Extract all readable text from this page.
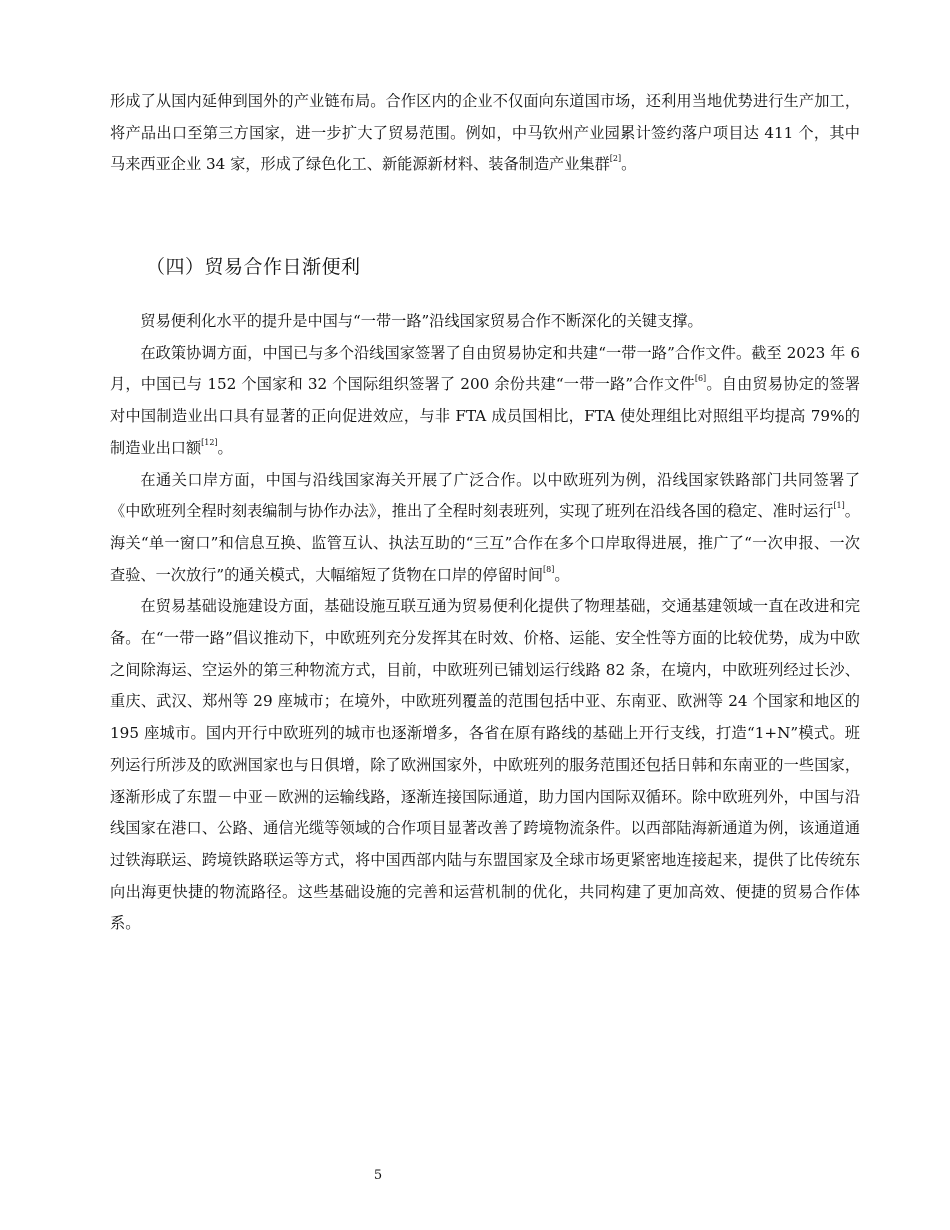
形成了从国内延伸到国外的产业链布局。合作区内的企业不仅面向东道国市场，还利用当地优势进行生产加工，将产品出口至第三方国家，进一步扩大了贸易范围。例如，中马钦州产业园累计签约落户项目达 411 个，其中马来西亚企业 34 家，形成了绿色化工、新能源新材料、装备制造产业集群[2]。

（四）贸易合作日渐便利

贸易便利化水平的提升是中国与“一带一路”沿线国家贸易合作不断深化的关键支撑。

在政策协调方面，中国已与多个沿线国家签署了自由贸易协定和共建“一带一路”合作文件。截至 2023 年 6 月，中国已与 152 个国家和 32 个国际组织签署了 200 余份共建“一带一路”合作文件[6]。自由贸易协定的签署对中国制造业出口具有显著的正向促进效应，与非 FTA 成员国相比，FTA 使处理组比对照组平均提高 79%的制造业出口额[12]。

在通关口岸方面，中国与沿线国家海关开展了广泛合作。以中欧班列为例，沿线国家铁路部门共同签署了《中欧班列全程时刻表编制与协作办法》，推出了全程时刻表班列，实现了班列在沿线各国的稳定、准时运行[1]。海关“单一窗口”和信息互换、监管互认、执法互助的“三互”合作在多个口岸取得进展，推广了“一次申报、一次查验、一次放行”的通关模式，大幅缩短了货物在口岸的停留时间[8]。

在贸易基础设施建设方面，基础设施互联互通为贸易便利化提供了物理基础，交通基建领域一直在改进和完备。在“一带一路”倡议推动下，中欧班列充分发挥其在时效、价格、运能、安全性等方面的比较优势，成为中欧之间除海运、空运外的第三种物流方式，目前，中欧班列已铺划运行线路 82 条，在境内，中欧班列经过长沙、重庆、武汉、郑州等 29 座城市；在境外，中欧班列覆盖的范围包括中亚、东南亚、欧洲等 24 个国家和地区的 195 座城市。国内开行中欧班列的城市也逐渐增多，各省在原有路线的基础上开行支线，打造“1+N”模式。班列运行所涉及的欧洲国家也与日俱增，除了欧洲国家外，中欧班列的服务范围还包括日韩和东南亚的一些国家，逐渐形成了东盟－中亚－欧洲的运输线路，逐渐连接国际通道，助力国内国际双循环。除中欧班列外，中国与沿线国家在港口、公路、通信光缆等领域的合作项目显著改善了跨境物流条件。以西部陆海新通道为例，该通道通过铁海联运、跨境铁路联运等方式，将中国西部内陆与东盟国家及全球市场更紧密地连接起来，提供了比传统东向出海更快捷的物流路径。这些基础设施的完善和运营机制的优化，共同构建了更加高效、便捷的贸易合作体系。

5
